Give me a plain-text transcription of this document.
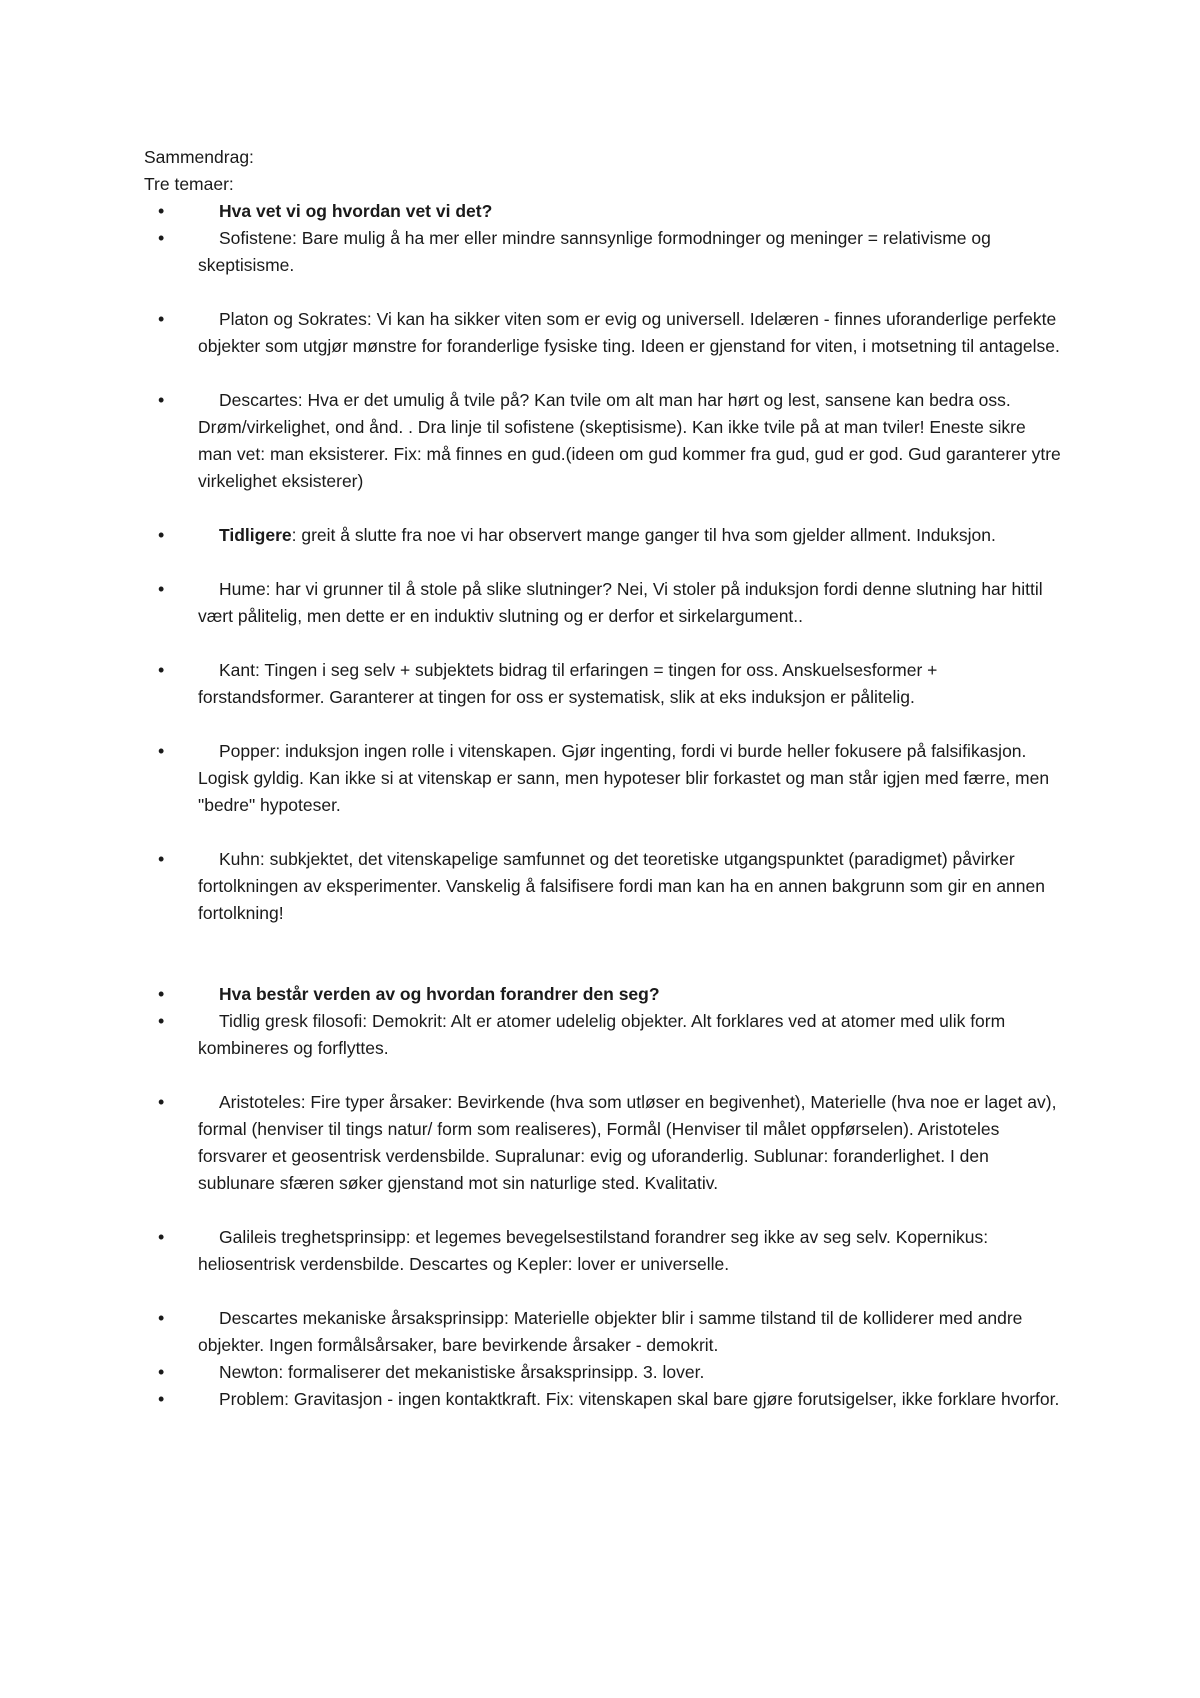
Sammendrag:

Tre temaer:

•	Hva vet vi og hvordan vet vi det?
•	Sofistene: Bare mulig å ha mer eller mindre sannsynlige formodninger og meninger = relativisme og skeptisisme.
•	Platon og Sokrates: Vi kan ha sikker viten som er evig og universell. Idelæren - finnes uforanderlige perfekte objekter som utgjør mønstre for foranderlige fysiske ting. Ideen er gjenstand for viten, i motsetning til antagelse.
•	Descartes: Hva er det umulig å tvile på? Kan tvile om alt man har hørt og lest, sansene kan bedra oss. Drøm/virkelighet, ond ånd. . Dra linje til sofistene (skeptisisme). Kan ikke tvile på at man tviler! Eneste sikre man vet: man eksisterer. Fix: må finnes en gud.(ideen om gud kommer fra gud, gud er god. Gud garanterer ytre virkelighet eksisterer)
•	Tidligere: greit å slutte fra noe vi har observert mange ganger til hva som gjelder allment. Induksjon.
•	Hume: har vi grunner til å stole på slike slutninger? Nei, Vi stoler på induksjon fordi denne slutning har hittil vært pålitelig, men dette er en induktiv slutning og er derfor et sirkelargument..
•	Kant: Tingen i seg selv + subjektets bidrag til erfaringen = tingen for oss. Anskuelsesformer + forstandsformer. Garanterer at tingen for oss er systematisk, slik at eks induksjon er pålitelig.
•	Popper: induksjon ingen rolle i vitenskapen. Gjør ingenting, fordi vi burde heller fokusere på falsifikasjon. Logisk gyldig. Kan ikke si at vitenskap er sann, men hypoteser blir forkastet og man står igjen med færre, men "bedre" hypoteser.
•	Kuhn: subkjektet, det vitenskapelige samfunnet og det teoretiske utgangspunktet (paradigmet) påvirker fortolkningen av eksperimenter. Vanskelig å falsifisere fordi man kan ha en annen bakgrunn som gir en annen fortolkning!
•	Hva består verden av og hvordan forandrer den seg?
•	Tidlig gresk filosofi: Demokrit: Alt er atomer udelelig objekter. Alt forklares ved at atomer med ulik form kombineres og forflyttes.
•	Aristoteles: Fire typer årsaker: Bevirkende (hva som utløser en begivenhet), Materielle (hva noe er laget av), formal (henviser til tings natur/ form som realiseres), Formål (Henviser til målet oppførselen). Aristoteles forsvarer et geosentrisk verdensbilde. Supralunar: evig og uforanderlig. Sublunar: foranderlighet. I den sublunare sfæren søker gjenstand mot sin naturlige sted. Kvalitativ.
•	Galileis treghetsprinsipp: et legemes bevegelsestilstand forandrer seg ikke av seg selv. Kopernikus: heliosentrisk verdensbilde. Descartes og Kepler: lover er universelle.
•	Descartes mekaniske årsaksprinsipp: Materielle objekter blir i samme tilstand til de kolliderer med andre objekter. Ingen formålsårsaker, bare bevirkende årsaker - demokrit.
•	Newton: formaliserer det mekanistiske årsaksprinsipp. 3. lover.
•	Problem: Gravitasjon - ingen kontaktkraft. Fix: vitenskapen skal bare gjøre forutsigelser, ikke forklare hvorfor.
